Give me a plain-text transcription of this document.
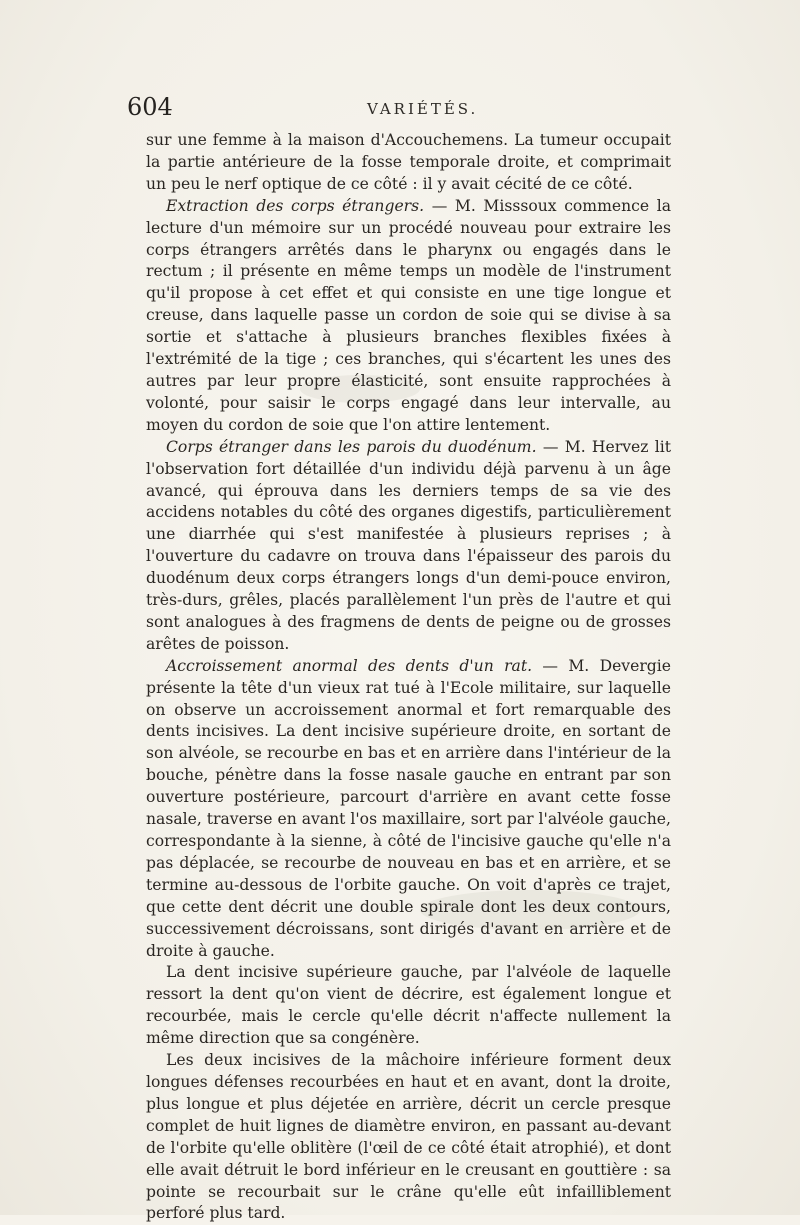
604	VARIÉTÉS.

sur une femme à la maison d'Accouchemens. La tumeur occupait la partie antérieure de la fosse temporale droite, et comprimait un peu le nerf optique de ce côté : il y avait cécité de ce côté.

Extraction des corps étrangers. — M. Misssoux commence la lecture d'un mémoire sur un procédé nouveau pour extraire les corps étrangers arrêtés dans le pharynx ou engagés dans le rectum ; il présente en même temps un modèle de l'instrument qu'il propose à cet effet et qui consiste en une tige longue et creuse, dans laquelle passe un cordon de soie qui se divise à sa sortie et s'attache à plusieurs branches flexibles fixées à l'extrémité de la tige ; ces branches, qui s'écartent les unes des autres par leur propre élasticité, sont ensuite rapprochées à volonté, pour saisir le corps engagé dans leur intervalle, au moyen du cordon de soie que l'on attire lentement.

Corps étranger dans les parois du duodénum. — M. Hervez lit l'observation fort détaillée d'un individu déjà parvenu à un âge avancé, qui éprouva dans les derniers temps de sa vie des accidens notables du côté des organes digestifs, particulièrement une diarrhée qui s'est manifestée à plusieurs reprises ; à l'ouverture du cadavre on trouva dans l'épaisseur des parois du duodénum deux corps étrangers longs d'un demi-pouce environ, très-durs, grêles, placés parallèlement l'un près de l'autre et qui sont analogues à des fragmens de dents de peigne ou de grosses arêtes de poisson.

Accroissement anormal des dents d'un rat. — M. Devergie présente la tête d'un vieux rat tué à l'Ecole militaire, sur laquelle on observe un accroissement anormal et fort remarquable des dents incisives. La dent incisive supérieure droite, en sortant de son alvéole, se recourbe en bas et en arrière dans l'intérieur de la bouche, pénètre dans la fosse nasale gauche en entrant par son ouverture postérieure, parcourt d'arrière en avant cette fosse nasale, traverse en avant l'os maxillaire, sort par l'alvéole gauche, correspondante à la sienne, à côté de l'incisive gauche qu'elle n'a pas déplacée, se recourbe de nouveau en bas et en arrière, et se termine au-dessous de l'orbite gauche. On voit d'après ce trajet, que cette dent décrit une double spirale dont les deux contours, successivement décroissans, sont dirigés d'avant en arrière et de droite à gauche.

La dent incisive supérieure gauche, par l'alvéole de laquelle ressort la dent qu'on vient de décrire, est également longue et recourbée, mais le cercle qu'elle décrit n'affecte nullement la même direction que sa congénère.

Les deux incisives de la mâchoire inférieure forment deux longues défenses recourbées en haut et en avant, dont la droite, plus longue et plus déjetée en arrière, décrit un cercle presque complet de huit lignes de diamètre environ, en passant au-devant de l'orbite qu'elle oblitère (l'œil de ce côté était atrophié), et dont elle avait détruit le bord inférieur en le creusant en gouttière : sa pointe se recourbait sur le crâne qu'elle eût infailliblement perforé plus tard.
